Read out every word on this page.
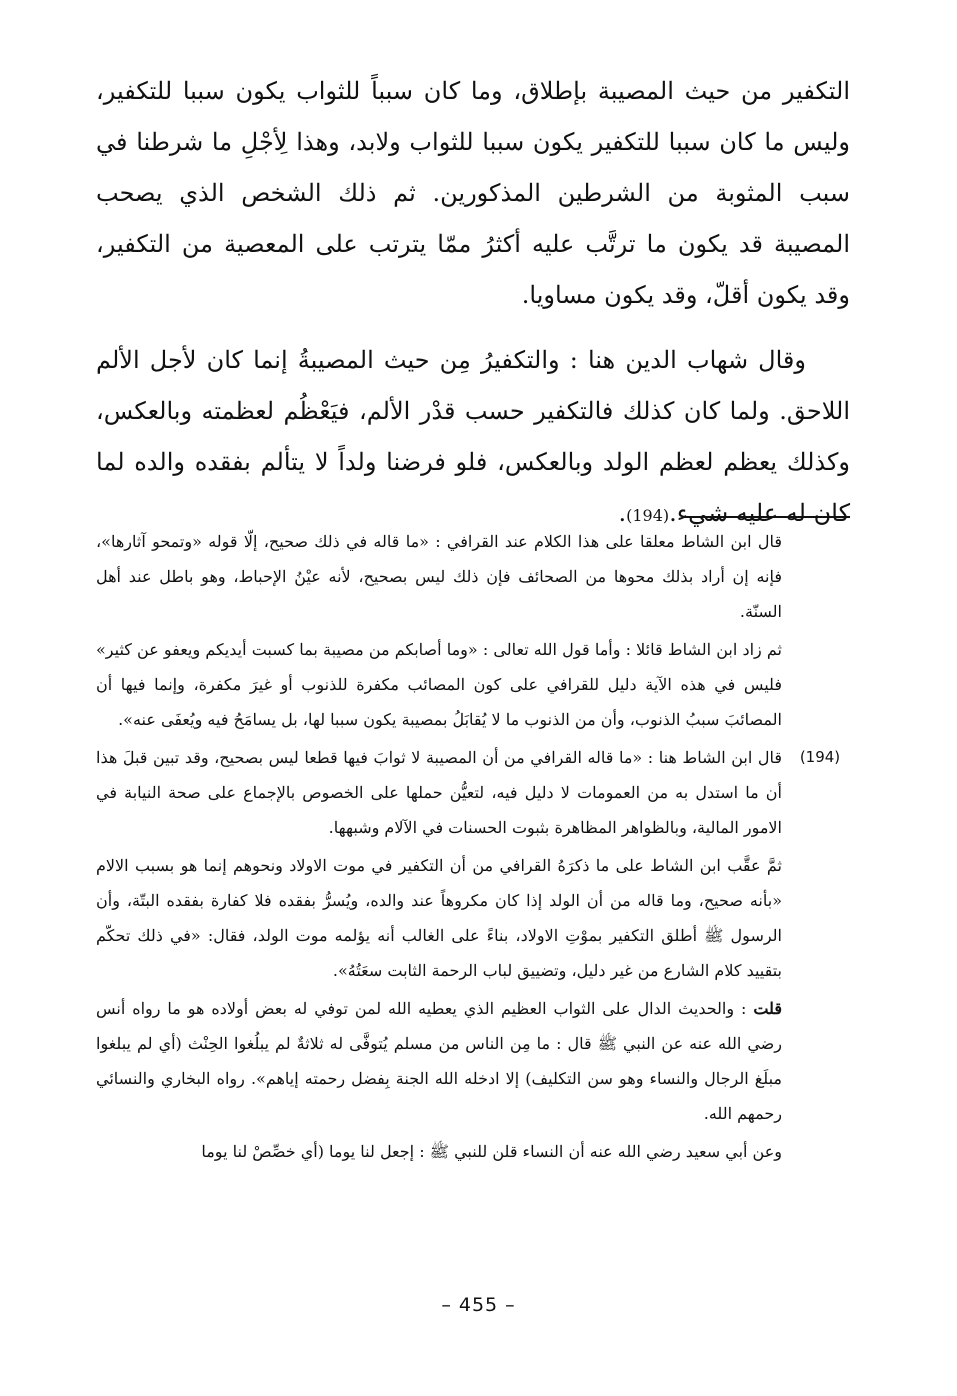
التكفير من حيث المصيبة بإطلاق، وما كان سبباً للثواب يكون سببا للتكفير، وليس ما كان سببا للتكفير يكون سببا للثواب ولابد، وهذا لِأجْلِ ما شرطنا في سبب المثوبة من الشرطين المذكورين. ثم ذلك الشخص الذي يصحب المصيبة قد يكون ما ترتَّب عليه أكثرُ ممّا يترتب على المعصية من التكفير، وقد يكون أقلّ، وقد يكون مساويا.

وقال شهاب الدين هنا : والتكفيرُ مِن حيث المصيبةُ إنما كان لأجل الألم اللاحق. ولما كان كذلك فالتكفير حسب قدْر الألم، فيَعْظُم لعظمته وبالعكس، وكذلك يعظم لعظم الولد وبالعكس، فلو فرضنا ولداً لا يتألم بفقده والده لما كان له عليه شيء.(194).

قال ابن الشاط معلقا على هذا الكلام عند القرافي : «ما قاله في ذلك صحيح، إلّا قوله «وتمحو آثارها»، فإنه إن أراد بذلك محوها من الصحائف فإن ذلك ليس بصحيح، لأنه عيْنُ الإحباط، وهو باطل عند أهل السنّة.

ثم زاد ابن الشاط قائلا : وأما قول الله تعالى : «وما أصابكم من مصيبة بما كسبت أيديكم ويعفو عن كثير» فليس في هذه الآية دليل للقرافي على كون المصائب مكفرة للذنوب أو غيرَ مكفرة، وإنما فيها أن المصائبَ سببُ الذنوب، وأن من الذنوب ما لا يُقابَلُ بمصيبة يكون سببا لها، بل يسامَحُ فيه ويُعفَى عنه».

(194)
قال ابن الشاط هنا : «ما قاله القرافي من أن المصيبة لا ثوابَ فيها قطعا ليس بصحيح، وقد تبين قبلَ هذا أن ما استدل به من العمومات لا دليل فيه، لتعيُّن حملها على الخصوص بالإجماع على صحة النيابة في الامور المالية، وبالظواهر المظاهرة بثبوت الحسنات في الآلام وشبهها.

ثمَّ عقَّب ابن الشاط على ما ذكرَهُ القرافي من أن التكفير في موت الاولاد ونحوهم إنما هو بسبب الالام «بأنه صحيح، وما قاله من أن الولد إذا كان مكروهاً عند والده، ويُسرُّ بفقده فلا كفارة بفقده البتّة، وأن الرسول ﷺ أطلق التكفير بموْتِ الاولاد، بناءً على الغالب أنه يؤلمه موت الولد، فقال: «في ذلك تحكّم بتقييد كلام الشارع من غير دليل، وتضييق لباب الرحمة الثابت سعَتُهُ».

قلت : والحديث الدال على الثواب العظيم الذي يعطيه الله لمن توفي له بعض أولاده هو ما رواه أنس رضي الله عنه عن النبي ﷺ قال : ما مِن الناس من مسلم يُتوفَّى له ثلاثةٌ لم يبلُغوا الحِنْث (أي لم يبلغوا مبلَغ الرجال والنساء وهو سن التكليف) إلا ادخله الله الجنة بِفضل رحمته إياهم». رواه البخاري والنسائي رحمهم الله.

وعن أبي سعيد رضي الله عنه أن النساء قلن للنبي ﷺ : إجعل لنا يوما (أي خصِّصْ لنا يوما

– 455 –
